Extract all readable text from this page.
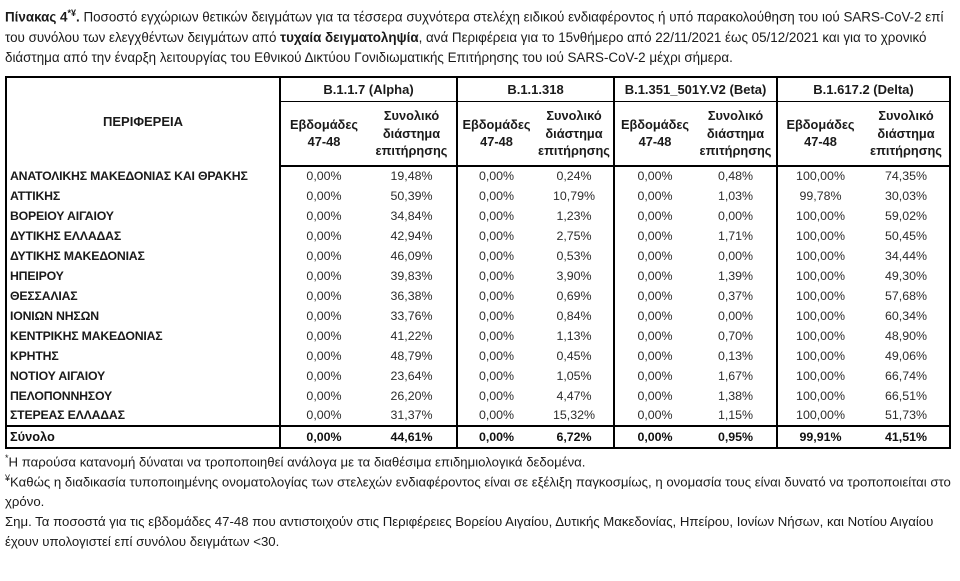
Πίνακας 4*¥. Ποσοστό εγχώριων θετικών δειγμάτων για τα τέσσερα συχνότερα στελέχη ειδικού ενδιαφέροντος ή υπό παρακολούθηση του ιού SARS-CoV-2 επί του συνόλου των ελεγχθέντων δειγμάτων από τυχαία δειγματοληψία, ανά Περιφέρεια για το 15νθήμερο από 22/11/2021 έως 05/12/2021 και για το χρονικό διάστημα από την έναρξη λειτουργίας του Εθνικού Δικτύου Γονιδιωματικής Επιτήρησης του ιού SARS-CoV-2 μέχρι σήμερα.

ΠΕΡΙΦΕΡΕΙΑ	B.1.1.7 (Alpha)		B.1.1.318		B.1.351_501Y.V2 (Beta)		B.1.617.2 (Delta)	
	Εβδομάδες 47-48	Συνολικό διάστημα επιτήρησης	Εβδομάδες 47-48	Συνολικό διάστημα επιτήρησης	Εβδομάδες 47-48	Συνολικό διάστημα επιτήρησης	Εβδομάδες 47-48	Συνολικό διάστημα επιτήρησης
ΑΝΑΤΟΛΙΚΗΣ ΜΑΚΕΔΟΝΙΑΣ ΚΑΙ ΘΡΑΚΗΣ	0,00%	19,48%	0,00%	0,24%	0,00%	0,48%	100,00%	74,35%
ΑΤΤΙΚΗΣ	0,00%	50,39%	0,00%	10,79%	0,00%	1,03%	99,78%	30,03%
ΒΟΡΕΙΟΥ ΑΙΓΑΙΟΥ	0,00%	34,84%	0,00%	1,23%	0,00%	0,00%	100,00%	59,02%
ΔΥΤΙΚΗΣ ΕΛΛΑΔΑΣ	0,00%	42,94%	0,00%	2,75%	0,00%	1,71%	100,00%	50,45%
ΔΥΤΙΚΗΣ ΜΑΚΕΔΟΝΙΑΣ	0,00%	46,09%	0,00%	0,53%	0,00%	0,00%	100,00%	34,44%
ΗΠΕΙΡΟΥ	0,00%	39,83%	0,00%	3,90%	0,00%	1,39%	100,00%	49,30%
ΘΕΣΣΑΛΙΑΣ	0,00%	36,38%	0,00%	0,69%	0,00%	0,37%	100,00%	57,68%
ΙΟΝΙΩΝ ΝΗΣΩΝ	0,00%	33,76%	0,00%	0,84%	0,00%	0,00%	100,00%	60,34%
ΚΕΝΤΡΙΚΗΣ ΜΑΚΕΔΟΝΙΑΣ	0,00%	41,22%	0,00%	1,13%	0,00%	0,70%	100,00%	48,90%
ΚΡΗΤΗΣ	0,00%	48,79%	0,00%	0,45%	0,00%	0,13%	100,00%	49,06%
ΝΟΤΙΟΥ ΑΙΓΑΙΟΥ	0,00%	23,64%	0,00%	1,05%	0,00%	1,67%	100,00%	66,74%
ΠΕΛΟΠΟΝΝΗΣΟΥ	0,00%	26,20%	0,00%	4,47%	0,00%	1,38%	100,00%	66,51%
ΣΤΕΡΕΑΣ ΕΛΛΑΔΑΣ	0,00%	31,37%	0,00%	15,32%	0,00%	1,15%	100,00%	51,73%
Σύνολο	0,00%	44,61%	0,00%	6,72%	0,00%	0,95%	99,91%	41,51%

*Η παρούσα κατανομή δύναται να τροποποιηθεί ανάλογα με τα διαθέσιμα επιδημιολογικά δεδομένα.

¥Καθώς η διαδικασία τυποποιημένης ονοματολογίας των στελεχών ενδιαφέροντος είναι σε εξέλιξη παγκοσμίως, η ονομασία τους είναι δυνατό να τροποποιείται στο χρόνο.

Σημ. Τα ποσοστά για τις εβδομάδες 47-48 που αντιστοιχούν στις Περιφέρειες Βορείου Αιγαίου, Δυτικής Μακεδονίας, Ηπείρου, Ιονίων Νήσων, και Νοτίου Αιγαίου έχουν υπολογιστεί επί συνόλου δειγμάτων <30.
